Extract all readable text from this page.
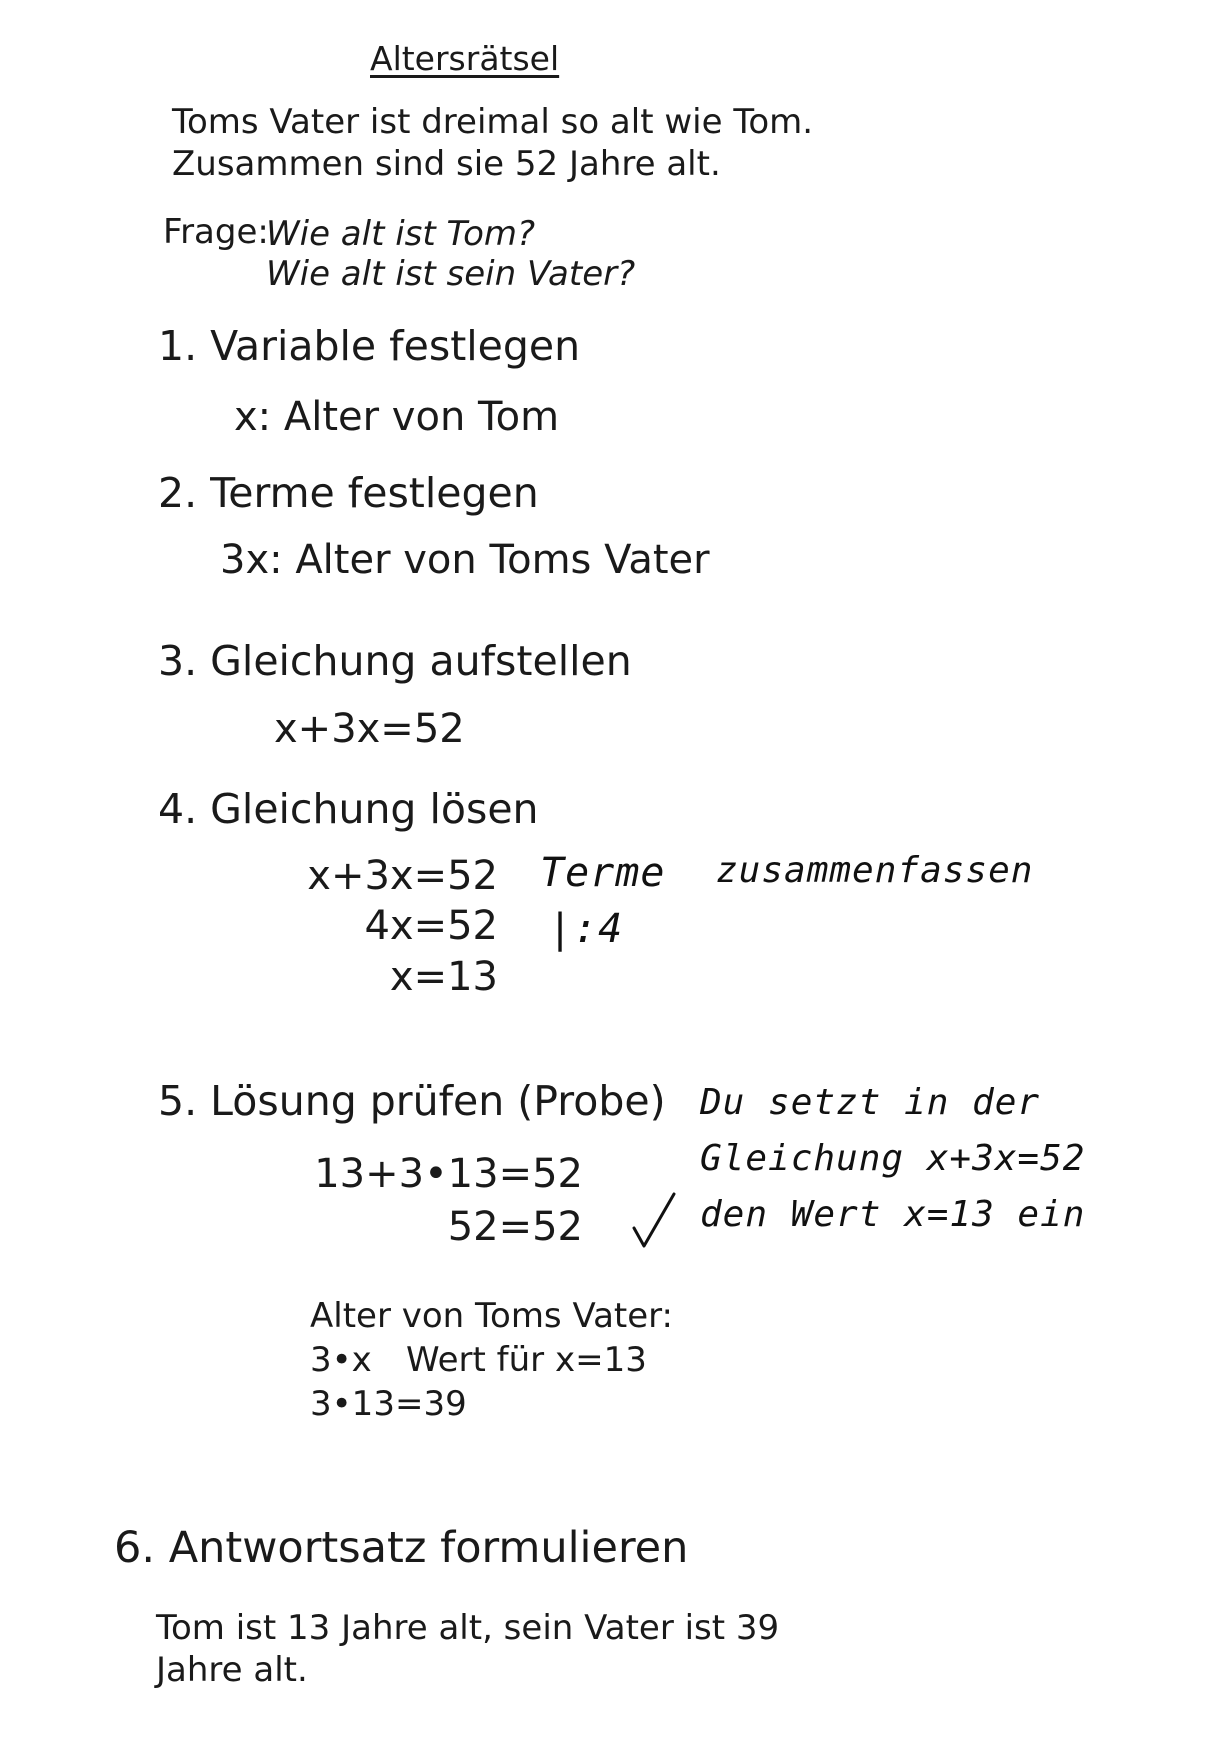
Altersrätsel
Toms Vater ist dreimal so alt wie Tom.
Zusammen sind sie 52 Jahre alt.
Frage:
Wie alt ist Tom?
Wie alt ist sein Vater?
1. Variable festlegen
x: Alter von Tom
2. Terme festlegen
3x: Alter von Toms Vater
3. Gleichung aufstellen
x+3x=52
4. Gleichung lösen
x+3x=52
4x=52
x=13
Terme zusammenfassen
|:4
5. Lösung prüfen (Probe)
13+3•13=52
52=52
Du setzt in der
Gleichung x+3x=52
den Wert x=13 ein
Alter von Toms Vater:
3•x Wert für x=13
3•13=39
6. Antwortsatz formulieren
Tom ist 13 Jahre alt, sein Vater ist 39
Jahre alt.
